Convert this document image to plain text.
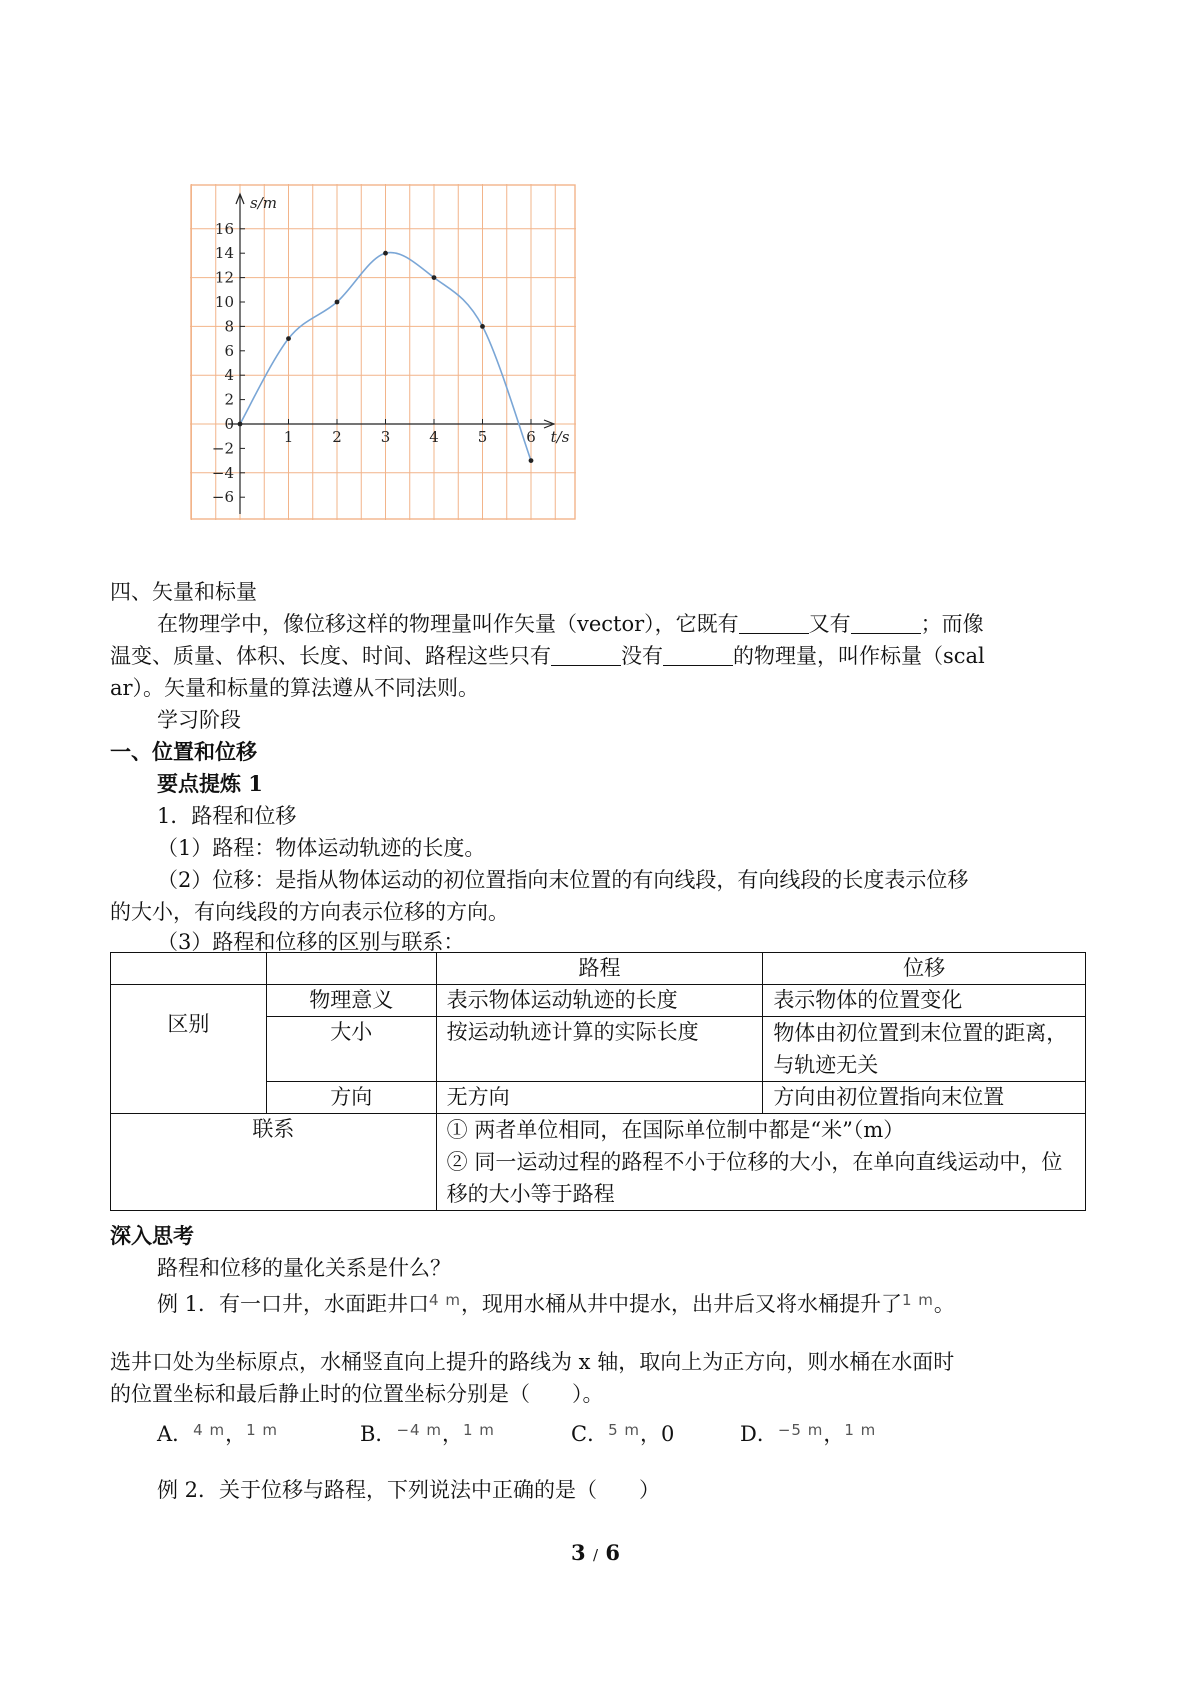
s/m
t/s
16
14
12
10
8
6
4
2
0
−2
−4
−6
1	2	3	4	5	6
四、矢量和标量
在物理学中，像位移这样的物理量叫作矢量（vector），它既有	又有	；而像
温变、质量、体积、长度、时间、路程这些只有	没有	的物理量，叫作标量（scal
ar）。矢量和标量的算法遵从不同法则。
学习阶段
一、位置和位移
要点提炼 1
1．路程和位移
（1）路程：物体运动轨迹的长度。
（2）位移：是指从物体运动的初位置指向末位置的有向线段，有向线段的长度表示位移
的大小，有向线段的方向表示位移的方向。
（3）路程和位移的区别与联系：
		路程	位移
区别	物理意义	表示物体运动轨迹的长度	表示物体的位置变化
	大小	按运动轨迹计算的实际长度	物体由初位置到末位置的距离，与轨迹无关
	方向	无方向	方向由初位置指向末位置
联系		① 两者单位相同，在国际单位制中都是“米”（m）
② 同一运动过程的路程不小于位移的大小，在单向直线运动中，位移的大小等于路程	
深入思考
路程和位移的量化关系是什么？
例 1．有一口井，水面距井口$^{4 m}$，现用水桶从井中提水，出井后又将水桶提升了$^{1 m}$。
选井口处为坐标原点，水桶竖直向上提升的路线为 x 轴，取向上为正方向，则水桶在水面时
的位置坐标和最后静止时的位置坐标分别是（　　）。
A．$^{4 m}$，$^{1 m}$	B．$^{-4 m}$，$^{1 m}$	C．$^{5 m}$，0	D．$^{-5 m}$，$^{1 m}$
例 2．关于位移与路程，下列说法中正确的是（　　）
3 / 6
